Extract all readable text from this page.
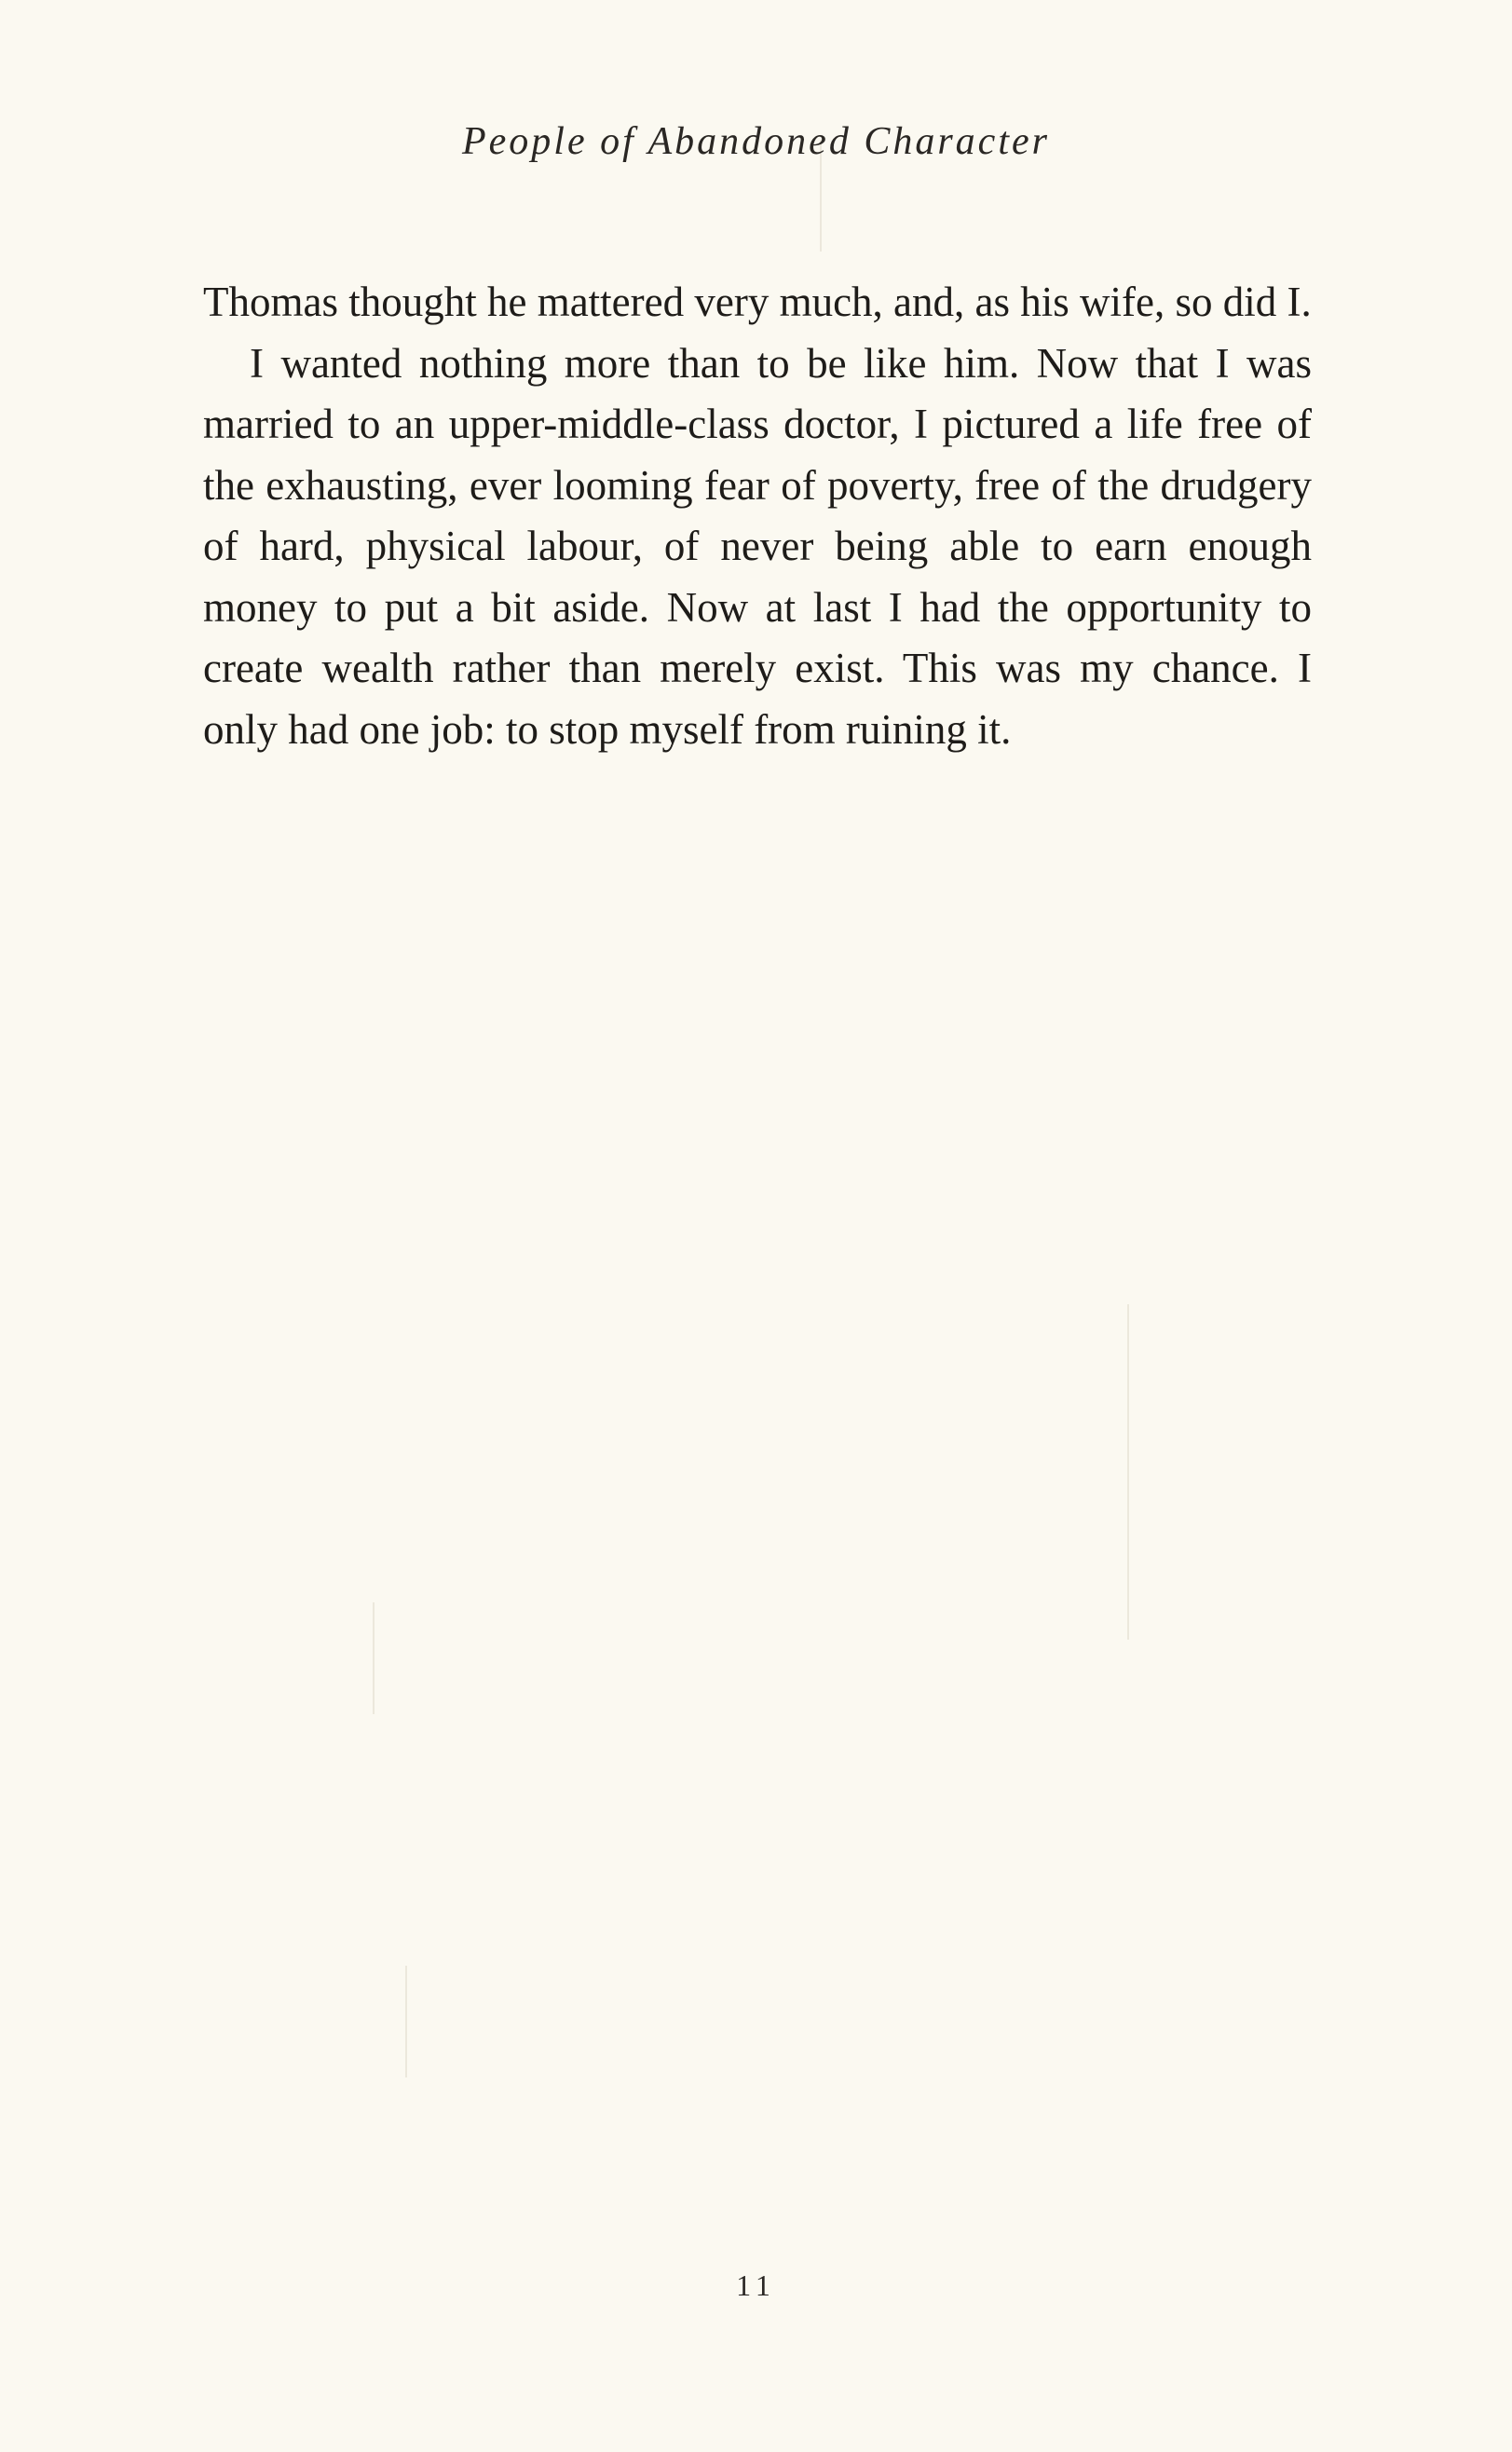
People of Abandoned Character

Thomas thought he mattered very much, and, as his wife, so did I.

I wanted nothing more than to be like him. Now that I was married to an upper-middle-class doctor, I pictured a life free of the exhausting, ever looming fear of poverty, free of the drudgery of hard, physical labour, of never being able to earn enough money to put a bit aside. Now at last I had the opportunity to create wealth rather than merely exist. This was my chance. I only had one job: to stop myself from ruining it.

11
